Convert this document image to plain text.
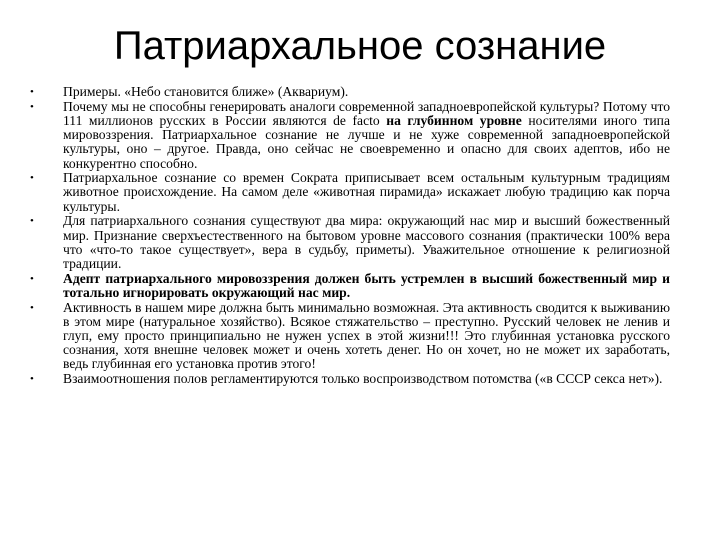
Патриархальное сознание
•	Примеры. «Небо становится ближе» (Аквариум).
•	Почему мы не способны генерировать аналоги современной западноевропейской культуры? Потому что 111 миллионов русских в России являются de facto на глубинном уровне носителями иного типа мировоззрения. Патриархальное сознание не лучше и не хуже современной западноевропейской культуры, оно – другое. Правда, оно сейчас не своевременно и опасно для своих адептов, ибо не конкурентно способно.
•	Патриархальное сознание со времен Сократа приписывает всем остальным культурным традициям животное происхождение. На самом деле «животная пирамида» искажает любую традицию как порча культуры.
•	Для патриархального сознания существуют два мира: окружающий нас мир и высший божественный мир. Признание сверхъестественного на бытовом уровне массового сознания (практически 100% вера что «что-то такое существует», вера в судьбу, приметы). Уважительное отношение к религиозной традиции.
•	Адепт патриархального мировоззрения должен быть устремлен в высший божественный мир и тотально игнорировать окружающий нас мир.
•	Активность в нашем мире должна быть минимально возможная. Эта активность сводится к выживанию в этом мире (натуральное хозяйство). Всякое стяжательство – преступно. Русский человек не ленив и глуп, ему просто принципиально не нужен успех в этой жизни!!! Это глубинная установка русского сознания, хотя внешне человек может и очень хотеть денег. Но он хочет, но не может их заработать, ведь глубинная его установка против этого!
•	Взаимоотношения полов регламентируются только воспроизводством потомства («в СССР секса нет»).
